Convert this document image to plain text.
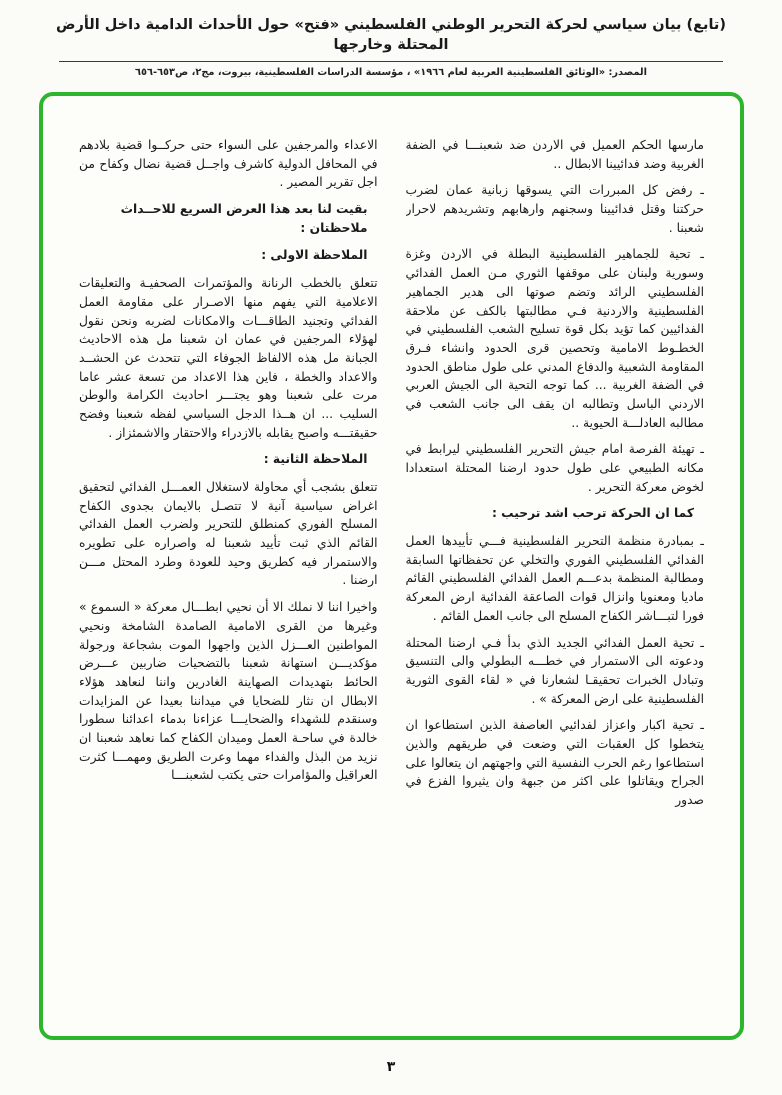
(تابع) بيان سياسي لحركة التحرير الوطني الفلسطيني «فتح» حول الأحداث الدامية داخل الأرض المحتلة وخارجها
المصدر: «الوثائق الفلسطينية العربية لعام ١٩٦٦» ، مؤسسة الدراسات الفلسطينية، بيروت، مج٢، ص٦٥٣-٦٥٦

مارسها الحكم العميل في الاردن ضد شعبنـــا في الضفة الغربية وضد فدائيينا الابطال ..

ـ رفض كل المبررات التي يسوقها زبانية عمان لضرب حركتنا وقتل فدائيينا وسجنهم وارهابهم وتشريدهم لاحرار شعبنا .

ـ تحية للجماهير الفلسطينية البطلة في الاردن وغزة وسورية ولبنان على موقفها الثوري مـن العمل الفدائي الفلسطيني الرائد وتضم صوتها الى هدير الجماهير الفلسطينية والاردنية فـي مطالبتها بالكف عن ملاحقة الفدائيين كما تؤيد بكل قوة تسليح الشعب الفلسطيني في الخطـوط الامامية وتحصين قرى الحدود وانشاء فـرق المقاومة الشعبية والدفاع المدني على طول مناطق الحدود في الضفة الغربية ... كما توجه التحية الى الجيش العربي الاردني الباسل وتطالبه ان يقف الى جانب الشعب في مطالبه العادلـــة الحيوية ..

ـ تهيئة الفرصة امام جيش التحرير الفلسطيني ليرابط في مكانه الطبيعي على طول حدود ارضنا المحتلة استعدادا لخوض معركة التحرير .

كما ان الحركة ترحب اشد ترحيب :

ـ بمبادرة منظمة التحرير الفلسطينية فـــي تأييدها العمل الفدائي الفلسطيني الفوري والتخلي عن تحفظاتها السابقة ومطالبة المنظمة بدعـــم العمل الفدائي الفلسطيني القائم ماديا ومعنويا وانزال قوات الصاعقة الفدائية ارض المعركة فورا لتبـــاشر الكفاح المسلح الى جانب العمل القائم .

ـ تحية العمل الفدائي الجديد الذي بدأ فـي ارضنا المحتلة ودعوته الى الاستمرار في خطـــه البطولي والى التنسيق وتبادل الخبرات تحقيقـا لشعارنا في « لقاء القوى الثورية الفلسطينية على ارض المعركة » .

ـ تحية اكبار واعزاز لفدائيي العاصفة الذين استطاعوا ان يتخطوا كل العقبات التي وضعت في طريقهم والذين استطاعوا رغم الحرب النفسية التي واجهتهم ان يتعالوا على الجراح ويقاتلوا على اكثر من جبهة وان يثيروا الفزع في صدور

الاعداء والمرجفين على السواء حتى حركــوا قضية بلادهم في المحافل الدولية كاشرف واجــل قضية نضال وكفاح من اجل تقرير المصير .

بقيت لنا بعد هذا العرض السريع للاحــداث ملاحظتان :

الملاحظة الاولى :

تتعلق بالخطب الرنانة والمؤتمرات الصحفيـة والتعليقات الاعلامية التي يفهم منها الاصـرار على مقاومة العمل الفدائي وتجنيد الطاقـــات والامكانات لضربه ونحن نقول لهؤلاء المرجفين في عمان ان شعبنا مل هذه الاحاديث الجبانة مل هذه الالفاظ الجوفاء التي تتحدث عن الحشــد والاعداد والخطة ، فاين هذا الاعداد من تسعة عشر عاما مرت على شعبنا وهو يجتـــر احاديث الكرامة والوطن السليب ... ان هــذا الدجل السياسي لفظه شعبنا وفضح حقيقتـــه واصبح يقابله بالازدراء والاحتقار والاشمئزاز .

الملاحظة الثانية :

تتعلق بشجب أي محاولة لاستغلال العمـــل الفدائي لتحقيق اغراض سياسية آنية لا تتصـل بالايمان بجدوى الكفاح المسلح الفوري كمنطلق للتحرير ولضرب العمل الفدائي القائم الذي ثبت تأييد شعبنا له واصراره على تطويره والاستمرار فيه كطريق وحيد للعودة وطرد المحتل مـــن ارضنا .

واخيرا اننا لا نملك الا أن نحيي ابطـــال معركة « السموع » وغيرها من القرى الامامية الصامدة الشامخة ونحيي المواطنين العـــزل الذين واجهوا الموت بشجاعة ورجولة مؤكديـــن استهانة شعبنا بالتضحيات ضاربين عـــرض الحائط بتهديدات الصهاينة الغادرين واننا لنعاهد هؤلاء الابطال ان نثار للضحايا في ميداننا بعيدا عن المزايدات وسنقدم للشهداء والضحايـــا عزاءنا بدماء اعدائنا سطورا خالدة في ساحـة العمل وميدان الكفاح كما نعاهد شعبنا ان نزيد من البذل والفداء مهما وعرت الطريق ومهمـــا كثرت العراقيل والمؤامرات حتى يكتب لشعبنـــا

٣
